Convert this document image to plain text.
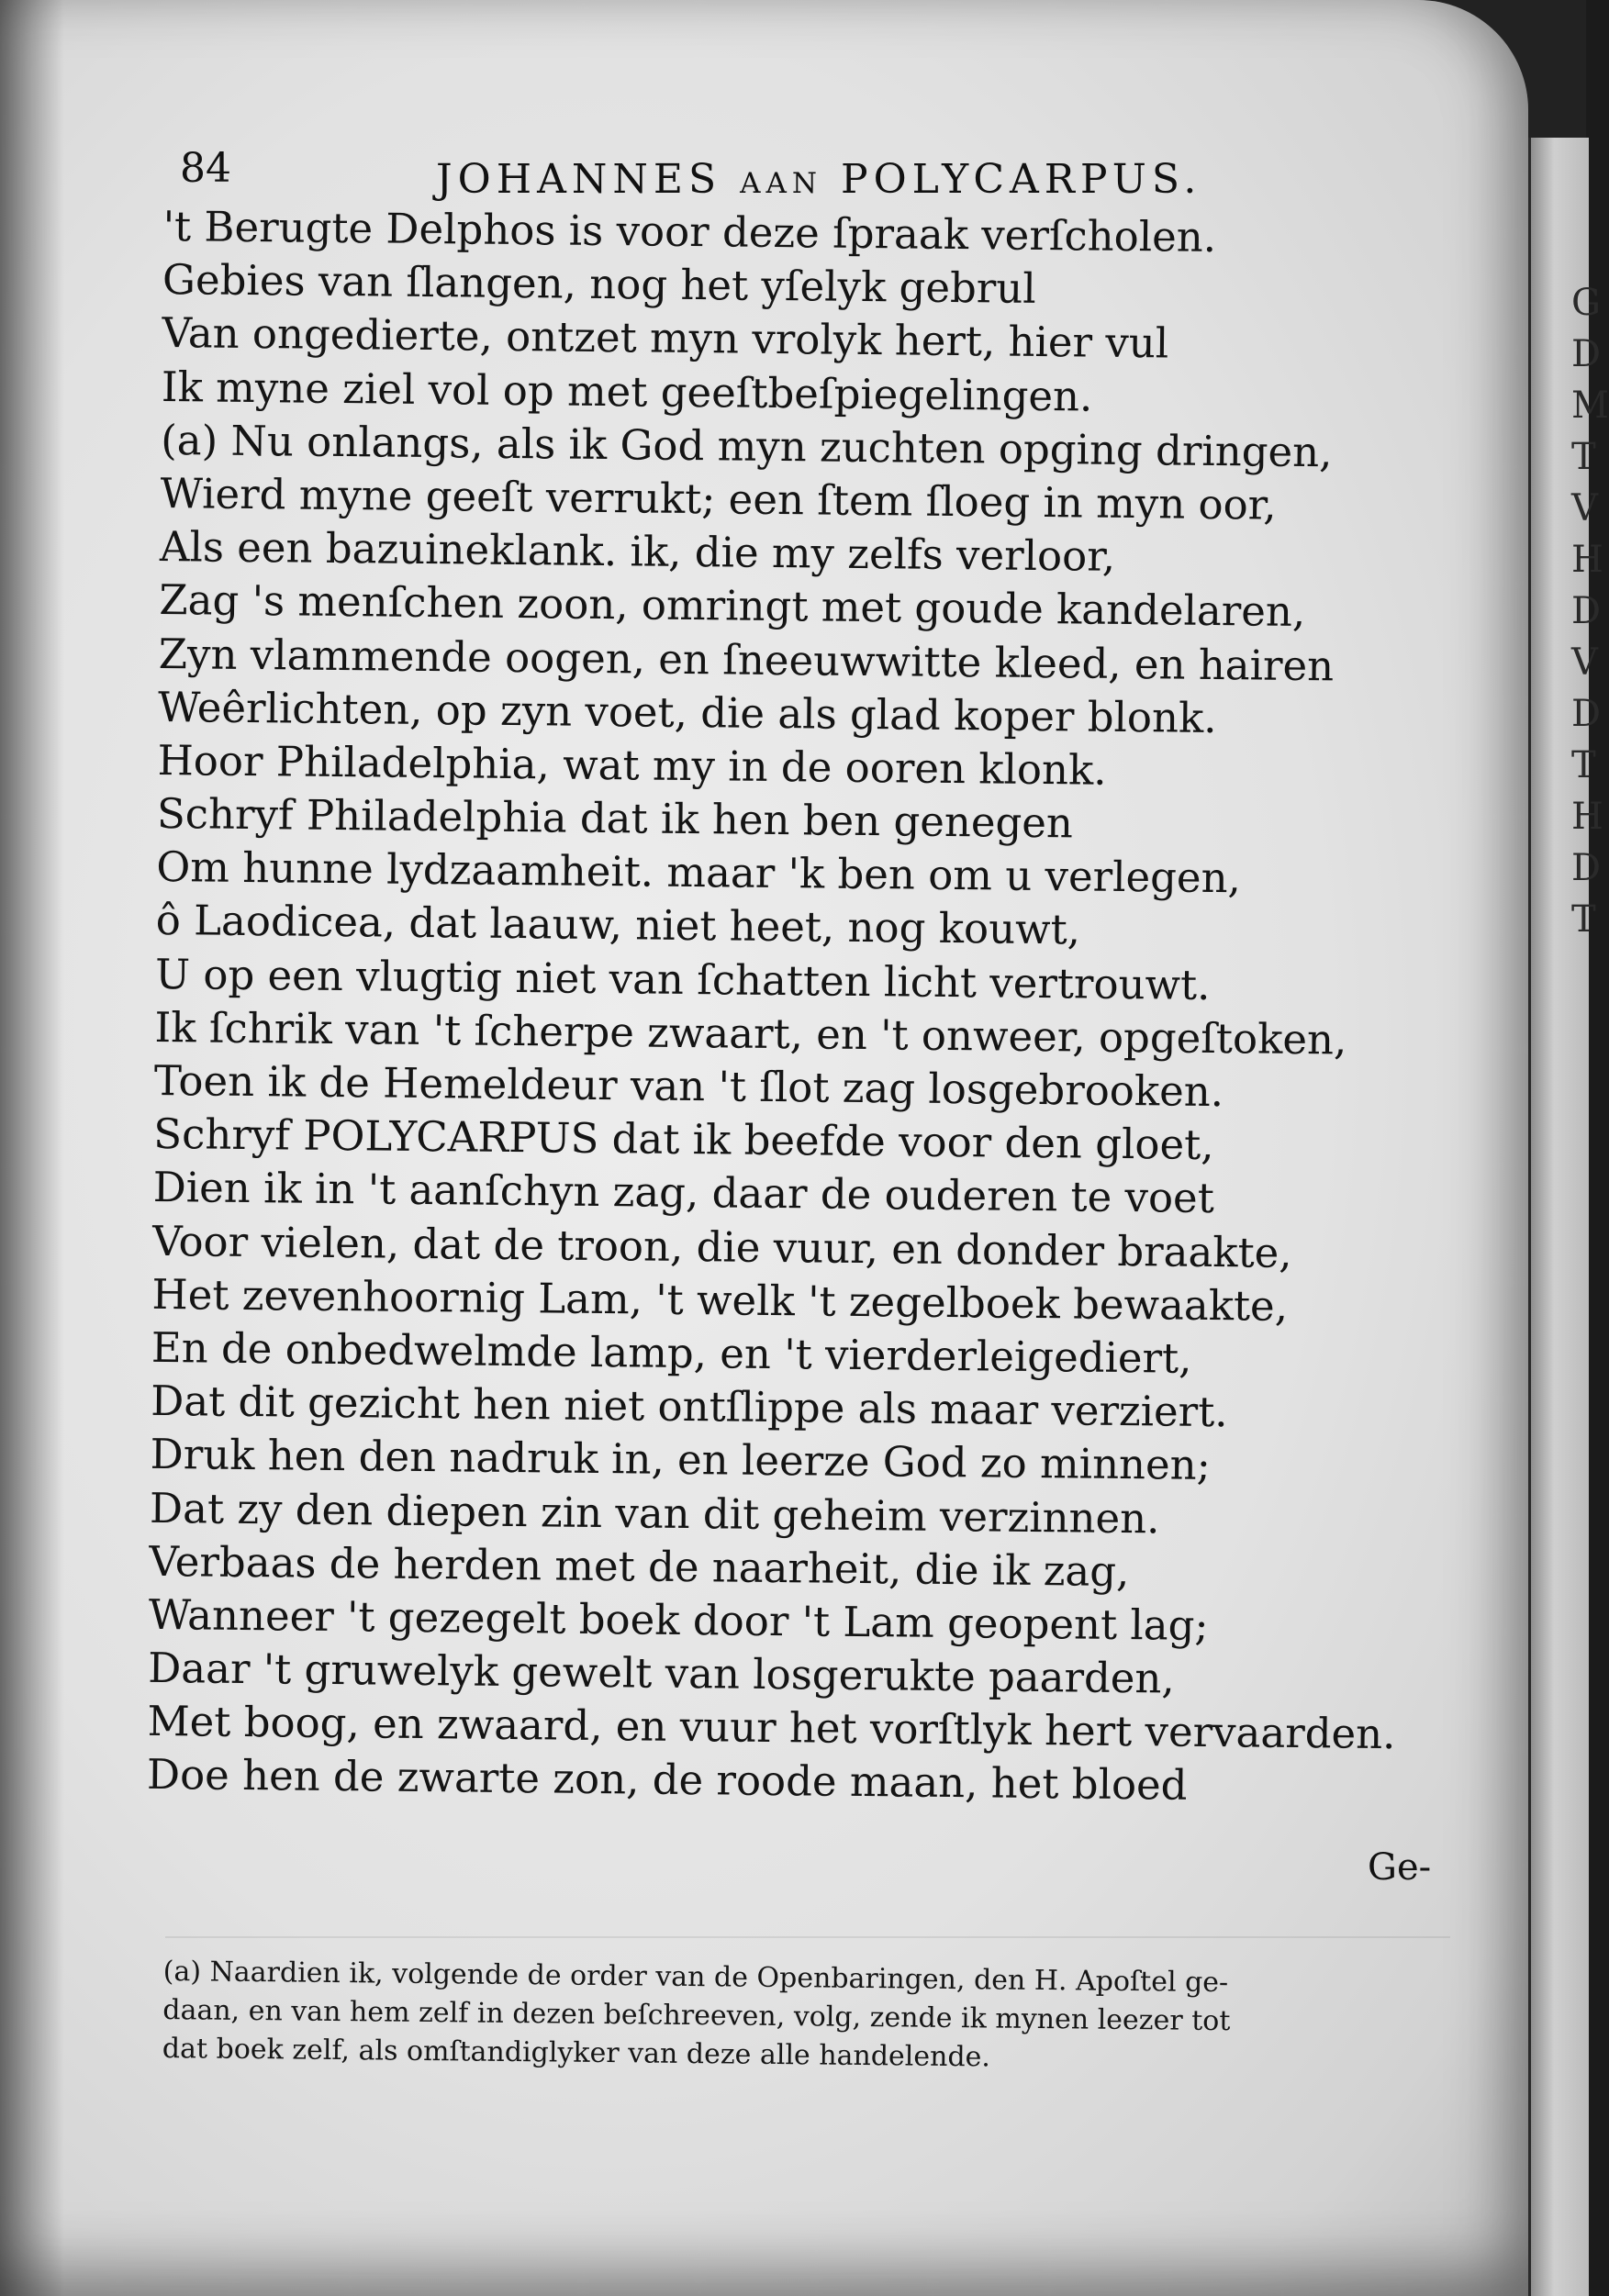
84	JOHANNES aan POLYCARPUS.
't Berugte Delphos is voor deze ſpraak verſcholen.
Gebies van ſlangen, nog het yſelyk gebrul
Van ongedierte, ontzet myn vrolyk hert, hier vul
Ik myne ziel vol op met geeſtbeſpiegelingen.
(a) Nu onlangs, als ik God myn zuchten opging dringen,
Wierd myne geeſt verrukt; een ſtem ſloeg in myn oor,
Als een bazuineklank. ik, die my zelfs verloor,
Zag 's menſchen zoon, omringt met goude kandelaren,
Zyn vlammende oogen, en ſneeuwwitte kleed, en hairen
Weêrlichten, op zyn voet, die als glad koper blonk.
Hoor Philadelphia, wat my in de ooren klonk.
Schryf Philadelphia dat ik hen ben genegen
Om hunne lydzaamheit. maar 'k ben om u verlegen,
ô Laodicea, dat laauw, niet heet, nog kouwt,
U op een vlugtig niet van ſchatten licht vertrouwt.
Ik ſchrik van 't ſcherpe zwaart, en 't onweer, opgeſtoken,
Toen ik de Hemeldeur van 't ſlot zag losgebrooken.
Schryf POLYCARPUS dat ik beefde voor den gloet,
Dien ik in 't aanſchyn zag, daar de ouderen te voet
Voor vielen, dat de troon, die vuur, en donder braakte,
Het zevenhoornig Lam, 't welk 't zegelboek bewaakte,
En de onbedwelmde lamp, en 't vierderleigediert,
Dat dit gezicht hen niet ontſlippe als maar verziert.
Druk hen den nadruk in, en leerze God zo minnen;
Dat zy den diepen zin van dit geheim verzinnen.
Verbaas de herden met de naarheit, die ik zag,
Wanneer 't gezegelt boek door 't Lam geopent lag;
Daar 't gruwelyk gewelt van losgerukte paarden,
Met boog, en zwaard, en vuur het vorſtlyk hert vervaarden.
Doe hen de zwarte zon, de roode maan, het bloed
Ge-
(a) Naardien ik, volgende de order van de Openbaringen, den H. Apoſtel ge-
daan, en van hem zelf in dezen beſchreeven, volg, zende ik mynen leezer tot
dat boek zelf, als omſtandiglyker van deze alle handelende.
G
D
M
T
V
H
D
V
D
T
H
D
T
